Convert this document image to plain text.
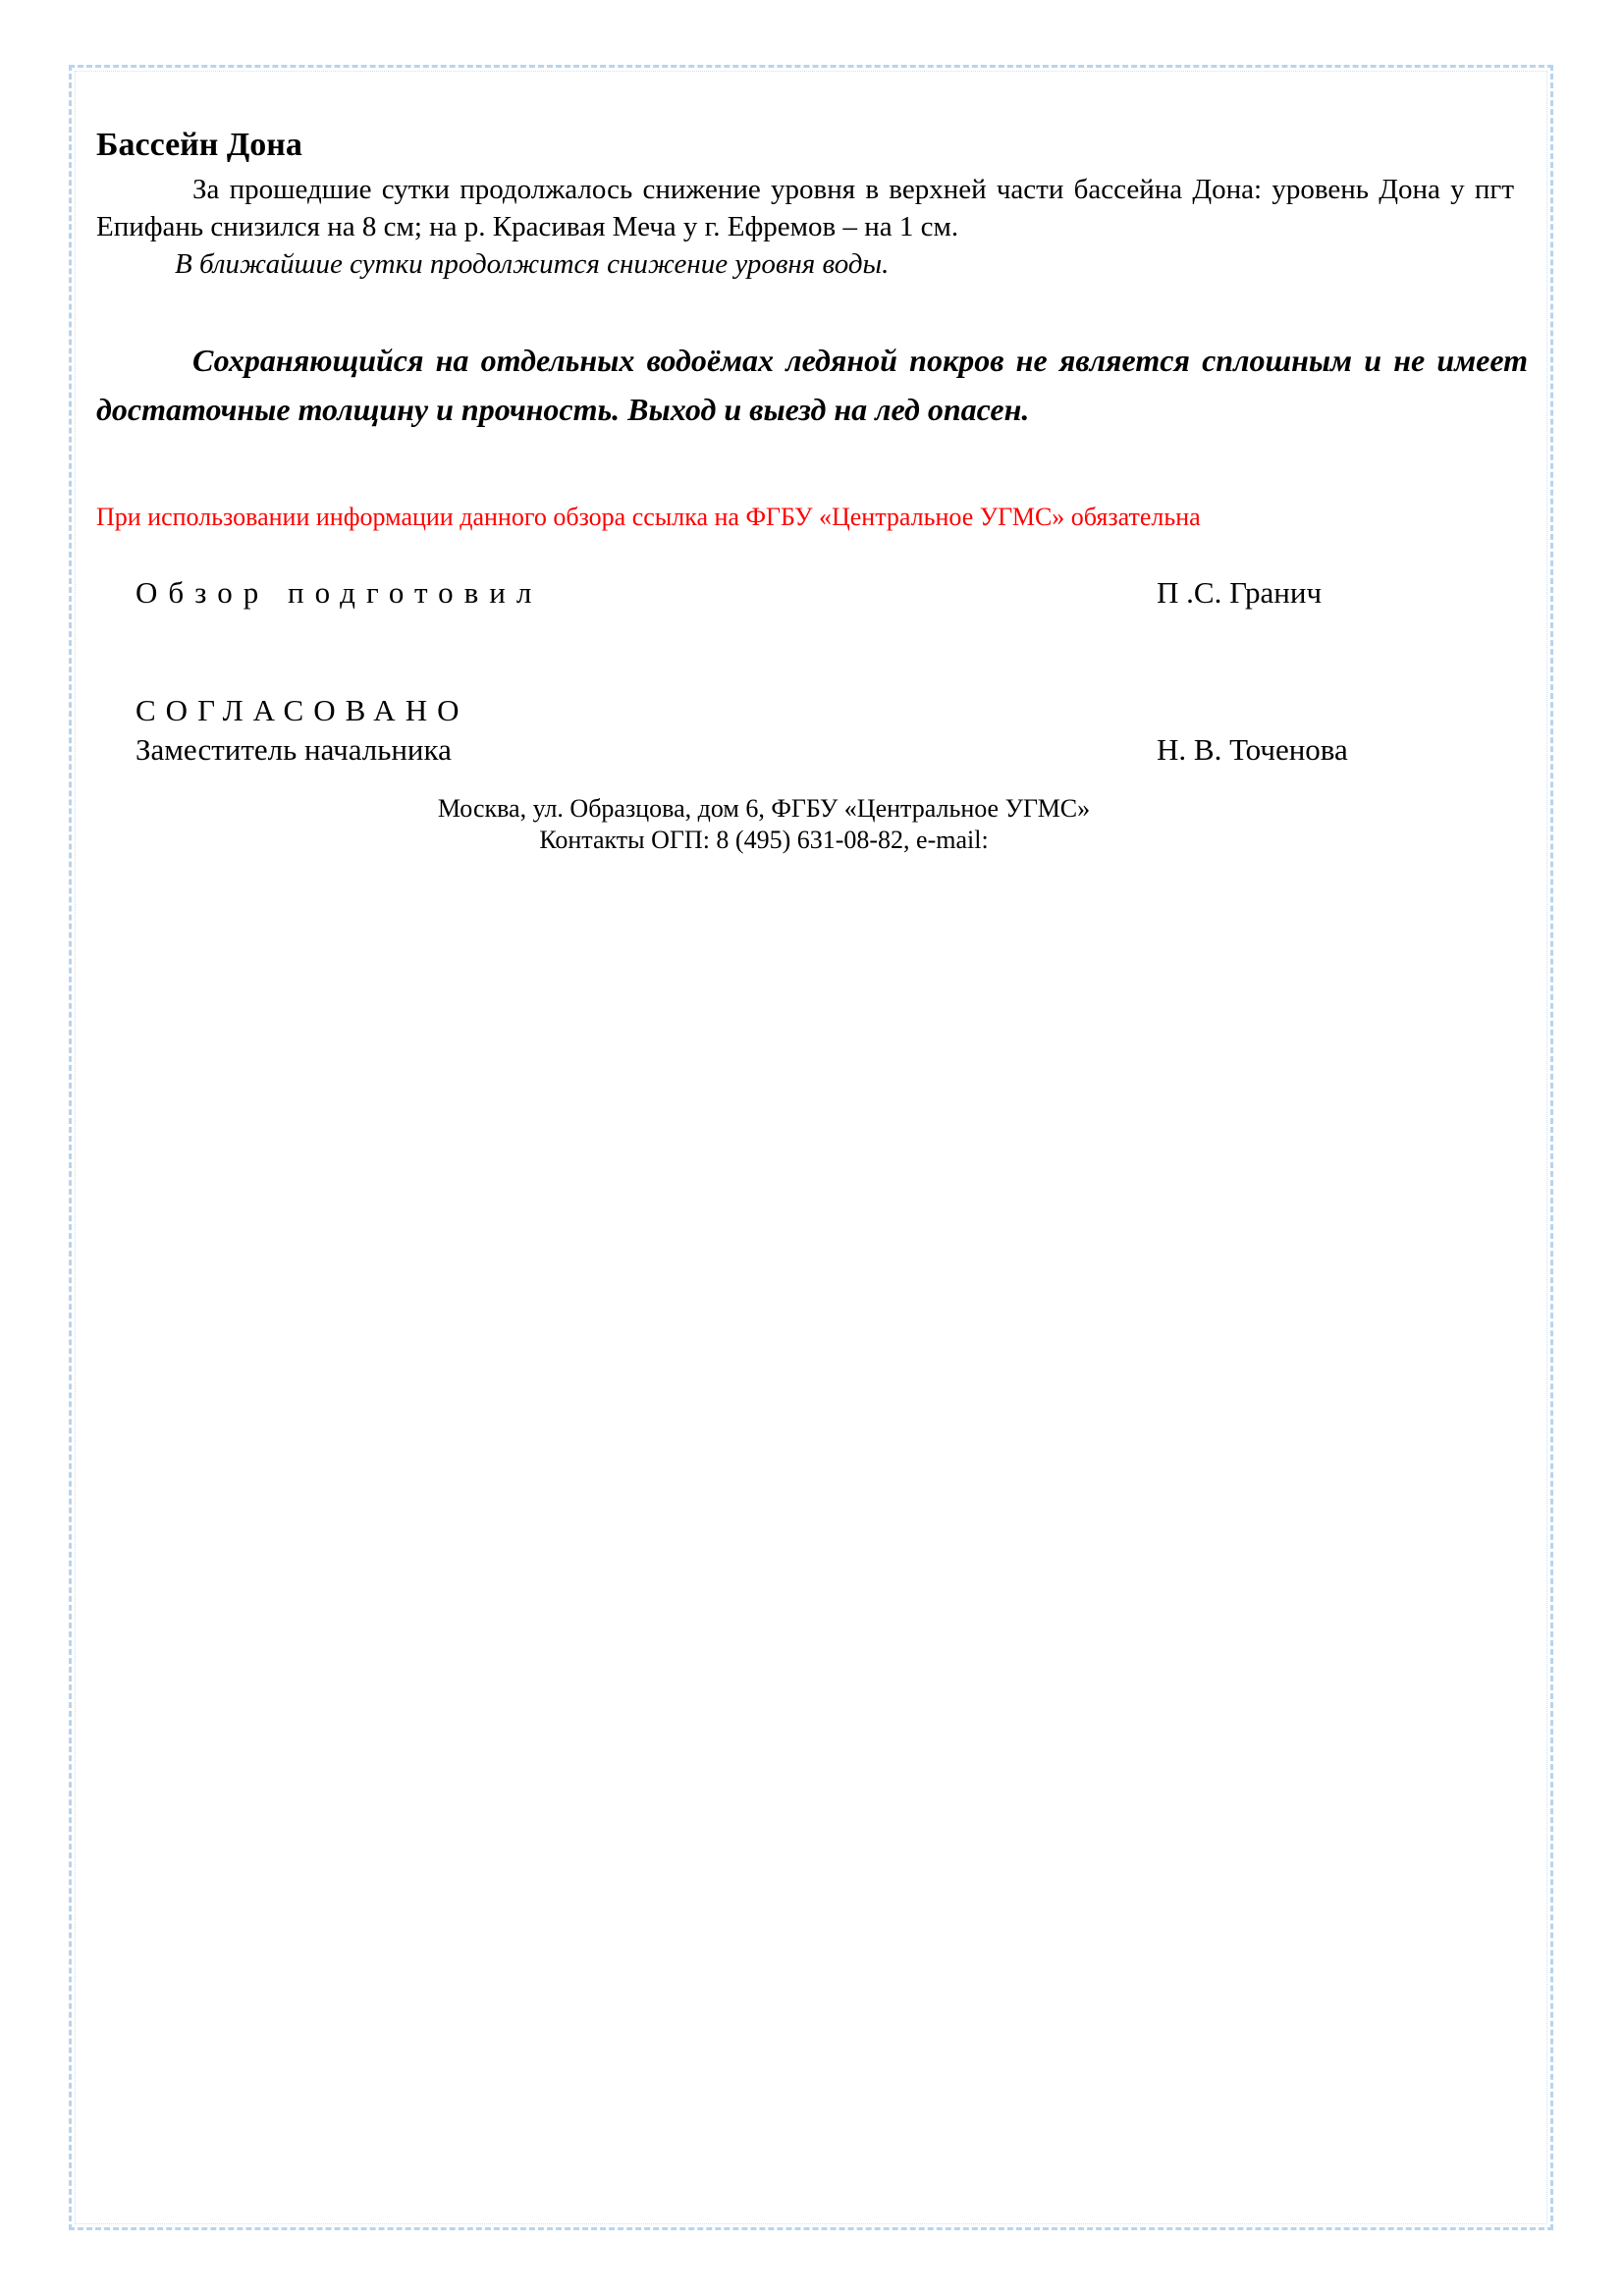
Бассейн Дона

За прошедшие сутки продолжалось снижение уровня в верхней части бассейна Дона: уровень Дона у пгт Епифань снизился на 8 см; на р. Красивая Меча у г. Ефремов – на 1 см.

В ближайшие сутки продолжится снижение уровня воды.

Сохраняющийся на отдельных водоёмах ледяной покров не является сплошным и не имеет достаточные толщину и прочность. Выход и выезд на лед опасен.

При использовании информации данного обзора ссылка на ФГБУ «Центральное УГМС» обязательна

Обзор подготовил	П .С. Гранич
СОГЛАСОВАНО
Заместитель начальника	Н. В. Точенова
Москва, ул. Образцова, дом 6, ФГБУ «Центральное УГМС»
Контакты ОГП: 8 (495) 631-08-82, e-mail:
